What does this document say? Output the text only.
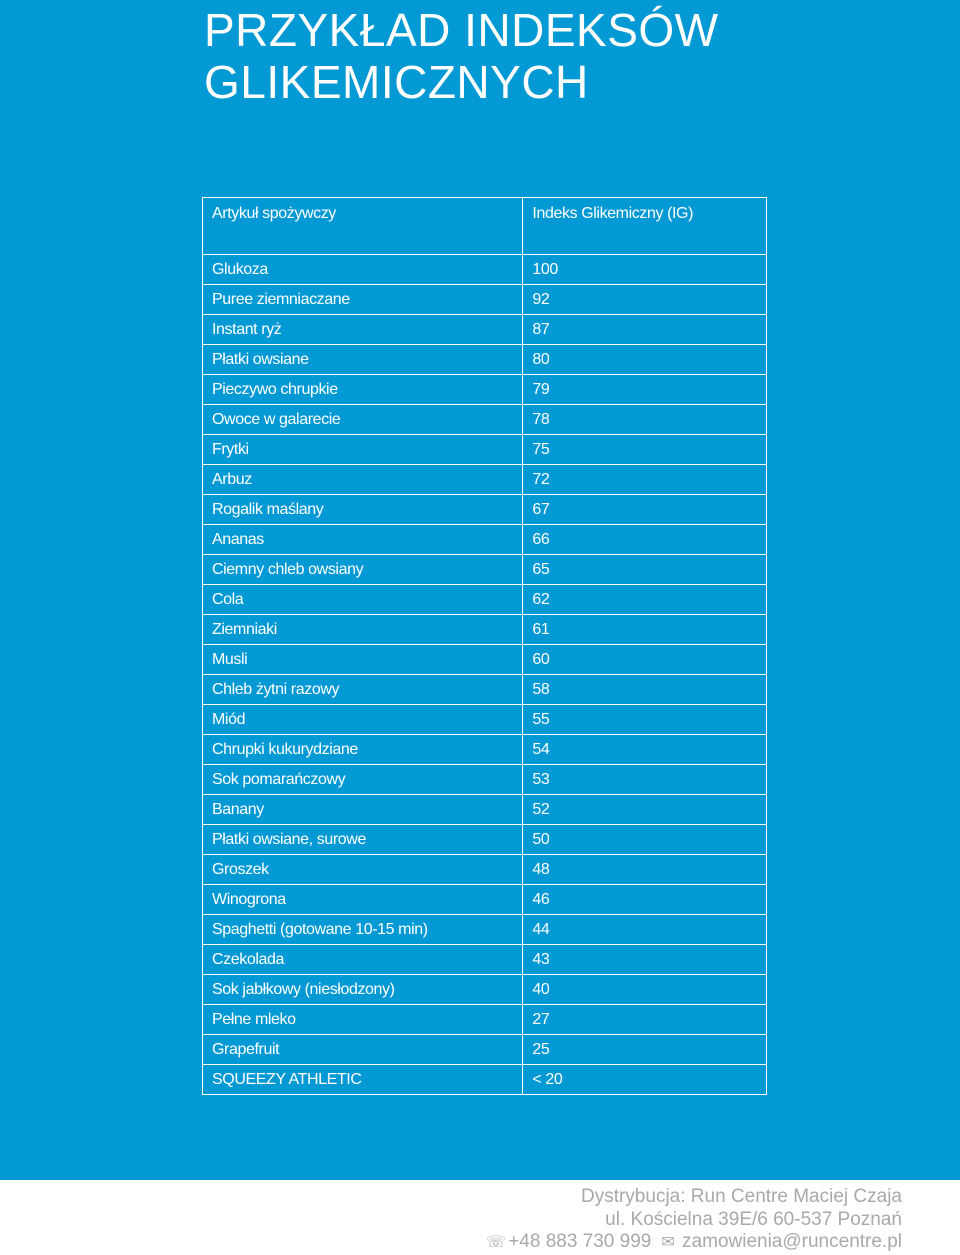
PRZYKŁAD INDEKSÓW
GLIKEMICZNYCH
Artykuł spożywczy	Indeks Glikemiczny (IG)
Glukoza	100
Puree ziemniaczane	92
Instant ryż	87
Płatki owsiane	80
Pieczywo chrupkie	79
Owoce w galarecie	78
Frytki	75
Arbuz	72
Rogalik maślany	67
Ananas	66
Ciemny chleb owsiany	65
Cola	62
Ziemniaki	61
Musli	60
Chleb żytni razowy	58
Miód	55
Chrupki kukurydziane	54
Sok pomarańczowy	53
Banany	52
Płatki owsiane, surowe	50
Groszek	48
Winogrona	46
Spaghetti (gotowane 10-15 min)	44
Czekolada	43
Sok jabłkowy (niesłodzony)	40
Pełne mleko	27
Grapefruit	25
SQUEEZY ATHLETIC	< 20
Dystrybucja: Run Centre Maciej Czaja
ul. Kościelna 39E/6 60-537 Poznań
☏ +48 883 730 999 ✉ zamowienia@runcentre.pl
